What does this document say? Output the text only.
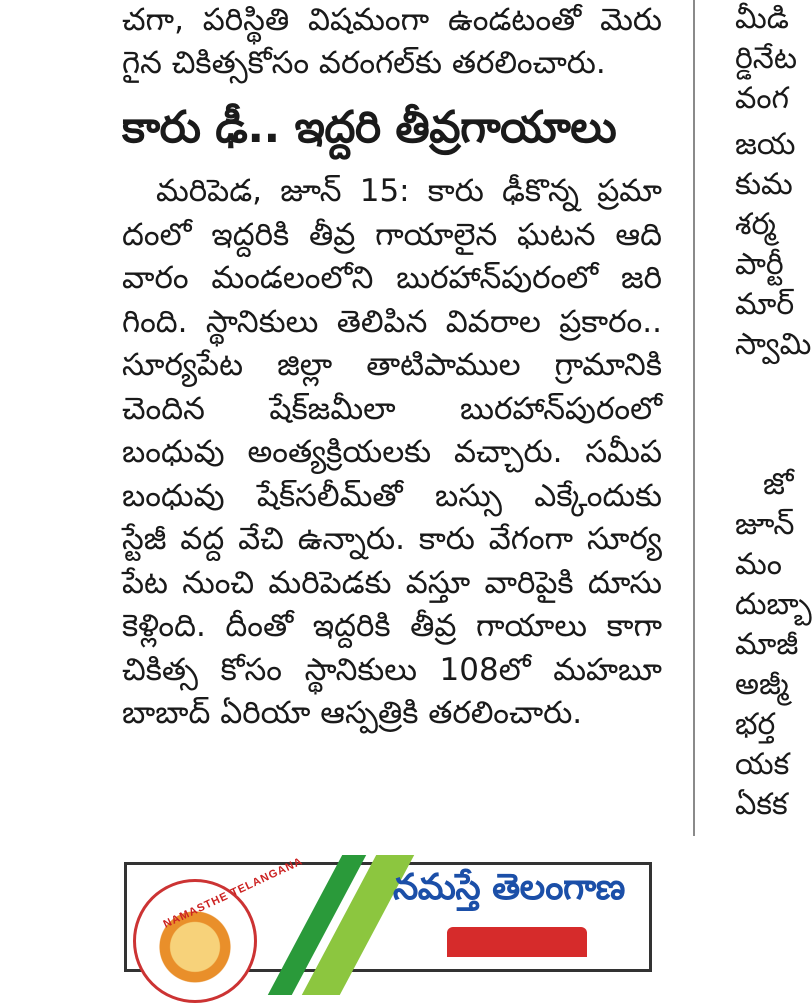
చగా, పరిస్థితి విషమంగా ఉండటంతో మెరు
గైన చికిత్సకోసం వరంగల్‌కు తరలించారు.
కారు ఢీ.. ఇద్దరి తీవ్రగాయాలు
మరిపెడ, జూన్ 15: కారు ఢీకొన్న ప్రమా
దంలో ఇద్దరికి తీవ్ర గాయాలైన ఘటన ఆది
వారం మండలంలోని బురహాన్‌పురంలో జరి
గింది. స్థానికులు తెలిపిన వివరాల ప్రకారం..
సూర్యపేట జిల్లా తాటిపాముల గ్రామానికి
చెందిన షేక్‌జమీలా బురహాన్‌పురంలో
బంధువు అంత్యక్రియలకు వచ్చారు. సమీప
బంధువు షేక్‌సలీమ్‌తో బస్సు ఎక్కేందుకు
స్టేజీ వద్ద వేచి ఉన్నారు. కారు వేగంగా సూర్య
పేట నుంచి మరిపెడకు వస్తూ వారిపైకి దూసు
కెళ్లింది. దీంతో ఇద్దరికి తీవ్ర గాయాలు కాగా
చికిత్స కోసం స్థానికులు 108లో మహబూ
బాబాద్ ఏరియా ఆస్పత్రికి తరలించారు.
మీడి
ర్డినేట
వంగ
జయ
కుమ
శర్మ
పార్టీ
మార్
స్వామి
జో
జూన్
మం
దుబ్బా
మాజీ
అజ్మీ
భర్త
యక
ఏకక
NAMASTHE TELANGANA నమస్తే తెలంగాణ
